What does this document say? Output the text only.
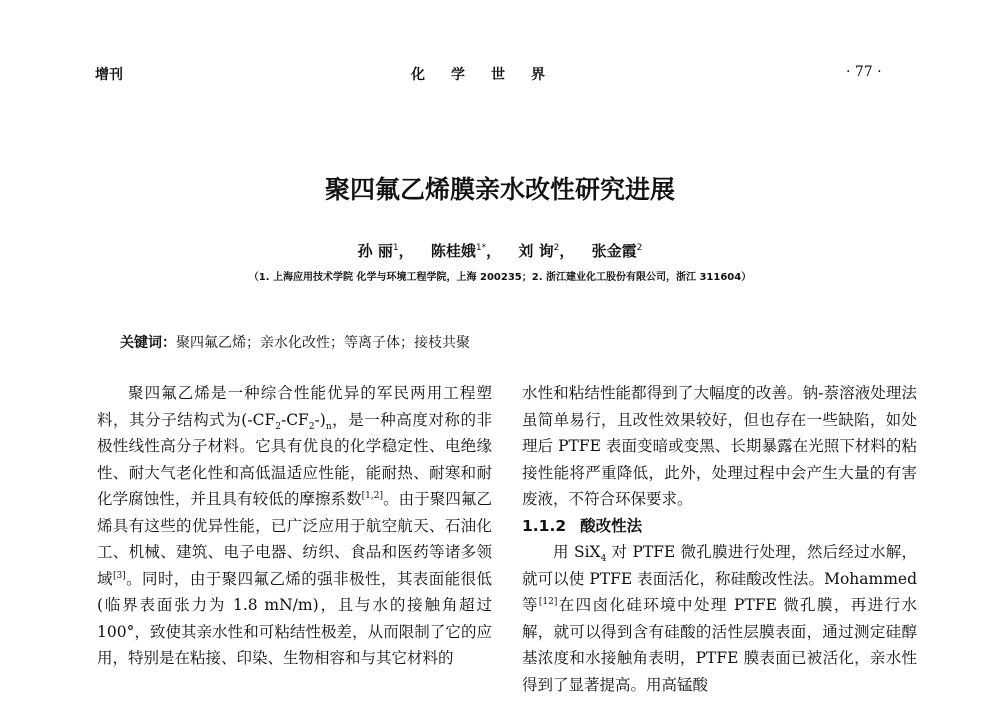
增刊	化学世界	· 77 ·
聚四氟乙烯膜亲水改性研究进展
孙 丽$^1$， 陈桂娥$^{1*}$， 刘 询$^2$， 张金霞$^2$
（1. 上海应用技术学院 化学与环境工程学院，上海 200235；2. 浙江建业化工股份有限公司，浙江 311604）
关键词：聚四氟乙烯；亲水化改性；等离子体；接枝共聚

聚四氟乙烯是一种综合性能优异的军民两用工程塑料，其分子结构式为$(-CF_2-CF_2-)_n$，是一种高度对称的非极性线性高分子材料。它具有优良的化学稳定性、电绝缘性、耐大气老化性和高低温适应性能，能耐热、耐寒和耐化学腐蚀性，并且具有较低的摩擦系数[1,2]。由于聚四氟乙烯具有这些的优异性能，已广泛应用于航空航天、石油化工、机械、建筑、电子电器、纺织、食品和医药等诸多领域[3]。同时，由于聚四氟乙烯的强非极性，其表面能很低(临界表面张力为 1.8 mN/m)，且与水的接触角超过 100°，致使其亲水性和可粘结性极差，从而限制了它的应用，特别是在粘接、印染、生物相容和与其它材料的

水性和粘结性能都得到了大幅度的改善。钠-萘溶液处理法虽简单易行，且改性效果较好，但也存在一些缺陷，如处理后 PTFE 表面变暗或变黑、长期暴露在光照下材料的粘接性能将严重降低，此外，处理过程中会产生大量的有害废液，不符合环保要求。

1.1.2 酸改性法

用 SiX$_4$ 对 PTFE 微孔膜进行处理，然后经过水解，就可以使 PTFE 表面活化，称硅酸改性法。Mohammed 等[12]在四卤化硅环境中处理 PTFE 微孔膜，再进行水解，就可以得到含有硅酸的活性层膜表面，通过测定硅醇基浓度和水接触角表明，PTFE 膜表面已被活化，亲水性得到了显著提高。用高锰酸
